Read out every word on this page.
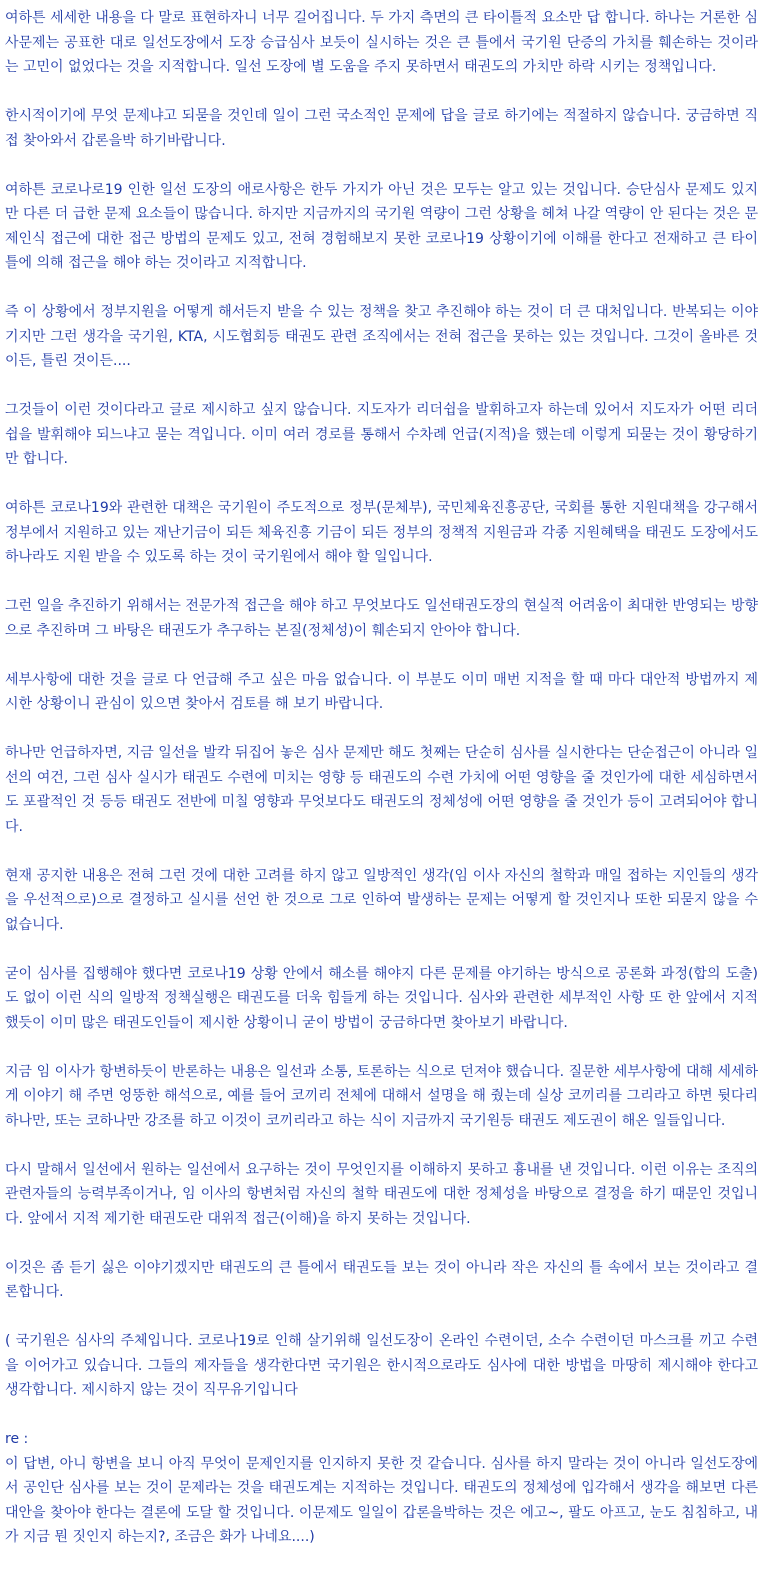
여하튼 세세한 내용을 다 말로 표현하자니 너무 길어집니다. 두 가지 측면의 큰 타이틀적 요소만 답 합니다. 하나는 거론한 심사문제는 공표한 대로 일선도장에서 도장 승급심사 보듯이 실시하는 것은 큰 틀에서 국기원 단증의 가치를 훼손하는 것이라는 고민이 없었다는 것을 지적합니다. 일선 도장에 별 도움을 주지 못하면서 태권도의 가치만 하락 시키는 정책입니다.

한시적이기에 무엇 문제냐고 되묻을 것인데 일이 그런 국소적인 문제에 답을 글로 하기에는 적절하지 않습니다. 궁금하면 직접 찾아와서 갑론을박 하기바랍니다.

여하튼 코로나로19 인한 일선 도장의 애로사항은 한두 가지가 아닌 것은 모두는 알고 있는 것입니다. 승단심사 문제도 있지만 다른 더 급한 문제 요소들이 많습니다. 하지만 지금까지의 국기원 역량이 그런 상황을 헤쳐 나갈 역량이 안 된다는 것은 문제인식 접근에 대한 접근 방법의 문제도 있고, 전혀 경험해보지 못한 코로나19 상황이기에 이해를 한다고 전재하고 큰 타이틀에 의해 접근을 해야 하는 것이라고 지적합니다.

즉 이 상황에서 정부지원을 어떻게 해서든지 받을 수 있는 정책을 찾고 추진해야 하는 것이 더 큰 대처입니다. 반복되는 이야기지만 그런 생각을 국기원, KTA, 시도협회등 태권도 관련 조직에서는 전혀 접근을 못하는 있는 것입니다. 그것이 올바른 것이든, 틀린 것이든....

그것들이 이런 것이다라고 글로 제시하고 싶지 않습니다. 지도자가 리더쉽을 발휘하고자 하는데 있어서 지도자가 어떤 리더쉽을 발휘해야 되느냐고 묻는 격입니다. 이미 여러 경로를 통해서 수차례 언급(지적)을 했는데 이렇게 되묻는 것이 황당하기만 합니다.

여하튼 코로나19와 관련한 대책은 국기원이 주도적으로 정부(문체부), 국민체육진흥공단, 국회를 통한 지원대책을 강구해서 정부에서 지원하고 있는 재난기금이 되든 체육진흥 기금이 되든 정부의 정책적 지원금과 각종 지원혜택을 태권도 도장에서도 하나라도 지원 받을 수 있도록 하는 것이 국기원에서 해야 할 일입니다.

그런 일을 추진하기 위해서는 전문가적 접근을 해야 하고 무엇보다도 일선태권도장의 현실적 어려움이 최대한 반영되는 방향으로 추진하며 그 바탕은 태권도가 추구하는 본질(정체성)이 훼손되지 안아야 합니다.

세부사항에 대한 것을 글로 다 언급해 주고 싶은 마음 없습니다. 이 부분도 이미 매번 지적을 할 때 마다 대안적 방법까지 제시한 상황이니 관심이 있으면 찾아서 검토를 해 보기 바랍니다.

하나만 언급하자면, 지금 일선을 발칵 뒤집어 놓은 심사 문제만 해도 첫째는 단순히 심사를 실시한다는 단순접근이 아니라 일선의 여건, 그런 심사 실시가 태권도 수련에 미치는 영향 등 태권도의 수련 가치에 어떤 영향을 줄 것인가에 대한 세심하면서도 포괄적인 것 등등 태권도 전반에 미칠 영향과 무엇보다도 태권도의 정체성에 어떤 영향을 줄 것인가 등이 고려되어야 합니다.

현재 공지한 내용은 전혀 그런 것에 대한 고려를 하지 않고 일방적인 생각(임 이사 자신의 철학과 매일 접하는 지인들의 생각을 우선적으로)으로 결정하고 실시를 선언 한 것으로 그로 인하여 발생하는 문제는 어떻게 할 것인지나 또한 되묻지 않을 수 없습니다.

굳이 심사를 집행해야 했다면 코로나19 상황 안에서 해소를 해야지 다른 문제를 야기하는 방식으로 공론화 과정(합의 도출)도 없이 이런 식의 일방적 정책실행은 태권도를 더욱 힘들게 하는 것입니다. 심사와 관련한 세부적인 사항 또 한 앞에서 지적 했듯이 이미 많은 태권도인들이 제시한 상황이니 굳이 방법이 궁금하다면 찾아보기 바랍니다.

지금 임 이사가 항변하듯이 반론하는 내용은 일선과 소통, 토론하는 식으로 던져야 했습니다. 질문한 세부사항에 대해 세세하게 이야기 해 주면 엉뚱한 해석으로, 예를 들어 코끼리 전체에 대해서 설명을 해 줬는데 실상 코끼리를 그리라고 하면 뒷다리 하나만, 또는 코하나만 강조를 하고 이것이 코끼리라고 하는 식이 지금까지 국기원등 태권도 제도권이 해온 일들입니다.

다시 말해서 일선에서 원하는 일선에서 요구하는 것이 무엇인지를 이해하지 못하고 흉내를 낸 것입니다. 이런 이유는 조직의 관련자들의 능력부족이거나, 임 이사의 항변처럼 자신의 철학 태권도에 대한 정체성을 바탕으로 결정을 하기 때문인 것입니다. 앞에서 지적 제기한 태권도란 대위적 접근(이해)을 하지 못하는 것입니다.

이것은 좀 듣기 싫은 이야기겠지만 태권도의 큰 틀에서 태권도들 보는 것이 아니라 작은 자신의 틀 속에서 보는 것이라고 결론합니다.

( 국기원은 심사의 주체입니다. 코로나19로 인해 살기위해 일선도장이 온라인 수련이던, 소수 수련이던 마스크를 끼고 수련을 이어가고 있습니다. 그들의 제자들을 생각한다면 국기원은 한시적으로라도 심사에 대한 방법을 마땅히 제시해야 한다고 생각합니다. 제시하지 않는 것이 직무유기입니다

re :

이 답변, 아니 항변을 보니 아직 무엇이 문제인지를 인지하지 못한 것 같습니다. 심사를 하지 말라는 것이 아니라 일선도장에서 공인단 심사를 보는 것이 문제라는 것을 태권도계는 지적하는 것입니다. 태권도의 정체성에 입각해서 생각을 해보면 다른 대안을 찾아야 한다는 결론에 도달 할 것입니다. 이문제도 일일이 갑론을박하는 것은 에고~, 팔도 아프고, 눈도 침침하고, 내가 지금 뭔 짓인지 하는지?, 조금은 화가 나네요....)
